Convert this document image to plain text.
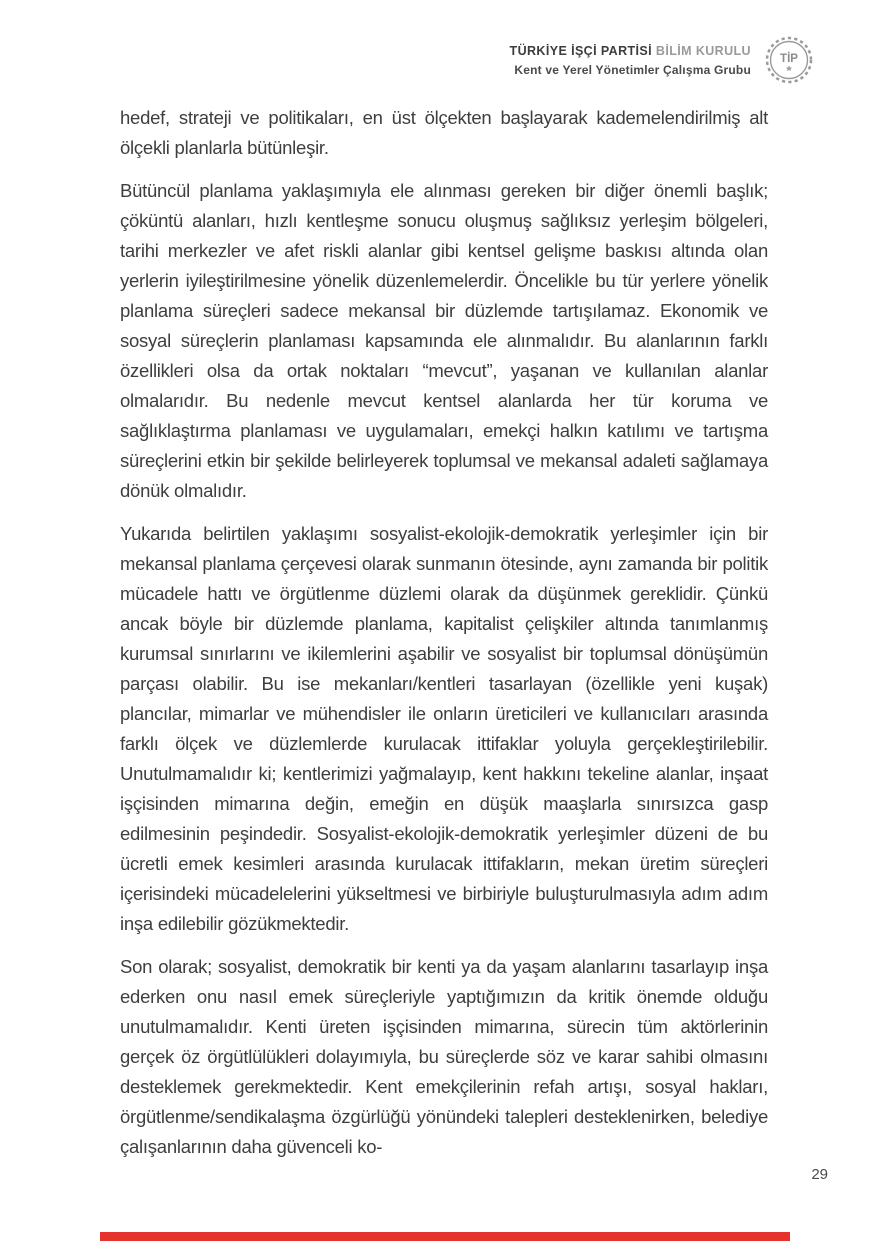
TÜRKİYE İŞÇİ PARTİSİ BİLİM KURULU
Kent ve Yerel Yönetimler Çalışma Grubu
TİP

hedef, strateji ve politikaları, en üst ölçekten başlayarak kademelendirilmiş alt ölçekli planlarla bütünleşir.

Bütüncül planlama yaklaşımıyla ele alınması gereken bir diğer önemli başlık; çöküntü alanları, hızlı kentleşme sonucu oluşmuş sağlıksız yerleşim bölgeleri, tarihi merkezler ve afet riskli alanlar gibi kentsel gelişme baskısı altında olan yerlerin iyileştirilmesine yönelik düzenlemelerdir. Öncelikle bu tür yerlere yönelik planlama süreçleri sadece mekansal bir düzlemde tartışılamaz. Ekonomik ve sosyal süreçlerin planlaması kapsamında ele alınmalıdır. Bu alanlarının farklı özellikleri olsa da ortak noktaları “mevcut”, yaşanan ve kullanılan alanlar olmalarıdır. Bu nedenle mevcut kentsel alanlarda her tür koruma ve sağlıklaştırma planlaması ve uygulamaları, emekçi halkın katılımı ve tartışma süreçlerini etkin bir şekilde belirleyerek toplumsal ve mekansal adaleti sağlamaya dönük olmalıdır.

Yukarıda belirtilen yaklaşımı sosyalist-ekolojik-demokratik yerleşimler için bir mekansal planlama çerçevesi olarak sunmanın ötesinde, aynı zamanda bir politik mücadele hattı ve örgütlenme düzlemi olarak da düşünmek gereklidir. Çünkü ancak böyle bir düzlemde planlama, kapitalist çelişkiler altında tanımlanmış kurumsal sınırlarını ve ikilemlerini aşabilir ve sosyalist bir toplumsal dönüşümün parçası olabilir. Bu ise mekanları/kentleri tasarlayan (özellikle yeni kuşak) plancılar, mimarlar ve mühendisler ile onların üreticileri ve kullanıcıları arasında farklı ölçek ve düzlemlerde kurulacak ittifaklar yoluyla gerçekleştirilebilir. Unutulmamalıdır ki; kentlerimizi yağmalayıp, kent hakkını tekeline alanlar, inşaat işçisinden mimarına değin, emeğin en düşük maaşlarla sınırsızca gasp edilmesinin peşindedir. Sosyalist-ekolojik-demokratik yerleşimler düzeni de bu ücretli emek kesimleri arasında kurulacak ittifakların, mekan üretim süreçleri içerisindeki mücadelelerini yükseltmesi ve birbiriyle buluşturulmasıyla adım adım inşa edilebilir gözükmektedir.

Son olarak; sosyalist, demokratik bir kenti ya da yaşam alanlarını tasarlayıp inşa ederken onu nasıl emek süreçleriyle yaptığımızın da kritik önemde olduğu unutulmamalıdır. Kenti üreten işçisinden mimarına, sürecin tüm aktörlerinin gerçek öz örgütlülükleri dolayımıyla, bu süreçlerde söz ve karar sahibi olmasını desteklemek gerekmektedir. Kent emekçilerinin refah artışı, sosyal hakları, örgütlenme/sendikalaşma özgürlüğü yönündeki talepleri desteklenirken, belediye çalışanlarının daha güvenceli ko-

29
